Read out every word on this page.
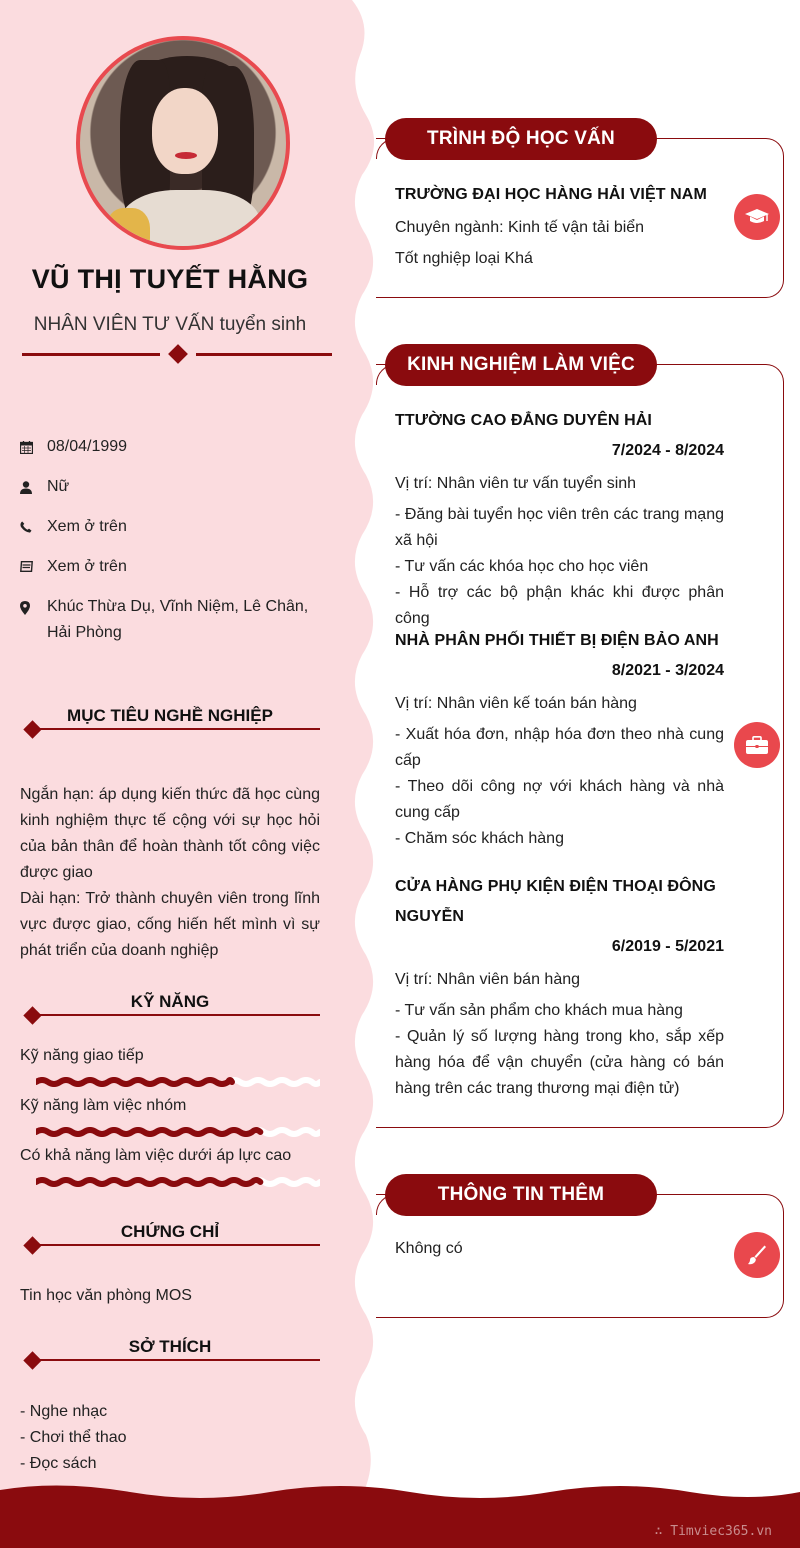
VŨ THỊ TUYẾT HẰNG
NHÂN VIÊN TƯ VẤN tuyển sinh
08/04/1999
Nữ
Xem ở trên
Xem ở trên
Khúc Thừa Dụ, Vĩnh Niệm, Lê Chân, Hải Phòng
MỤC TIÊU NGHỀ NGHIỆP
Ngắn hạn: áp dụng kiến thức đã học cùng kinh nghiệm thực tế cộng với sự học hỏi của bản thân để hoàn thành tốt công việc được giao
Dài hạn: Trở thành chuyên viên trong lĩnh vực được giao, cống hiến hết mình vì sự phát triển của doanh nghiệp
KỸ NĂNG
Kỹ năng giao tiếp
Kỹ năng làm việc nhóm
Có khả năng làm việc dưới áp lực cao
CHỨNG CHỈ
Tin học văn phòng MOS
SỞ THÍCH
- Nghe nhạc
- Chơi thể thao
- Đọc sách
TRÌNH ĐỘ HỌC VẤN
TRƯỜNG ĐẠI HỌC HÀNG HẢI VIỆT NAM
Chuyên ngành: Kinh tế vận tải biển
Tốt nghiệp loại Khá
KINH NGHIỆM LÀM VIỆC
TTƯỜNG CAO ĐẲNG DUYÊN HẢI
7/2024 - 8/2024
Vị trí: Nhân viên tư vấn tuyển sinh
- Đăng bài tuyển học viên trên các trang mạng xã hội
- Tư vấn các khóa học cho học viên
- Hỗ trợ các bộ phận khác khi được phân công
NHÀ PHÂN PHỐI THIẾT BỊ ĐIỆN BẢO ANH
8/2021 - 3/2024
Vị trí: Nhân viên kế toán bán hàng
- Xuất hóa đơn, nhập hóa đơn theo nhà cung cấp
- Theo dõi công nợ với khách hàng và nhà cung cấp
- Chăm sóc khách hàng
CỬA HÀNG PHỤ KIỆN ĐIỆN THOẠI ĐÔNG NGUYỄN
6/2019 - 5/2021
Vị trí: Nhân viên bán hàng
- Tư vấn sản phẩm cho khách mua hàng
- Quản lý số lượng hàng trong kho, sắp xếp hàng hóa để vận chuyển (cửa hàng có bán hàng trên các trang thương mại điện tử)
THÔNG TIN THÊM
Không có
∴ Timviec365.vn
